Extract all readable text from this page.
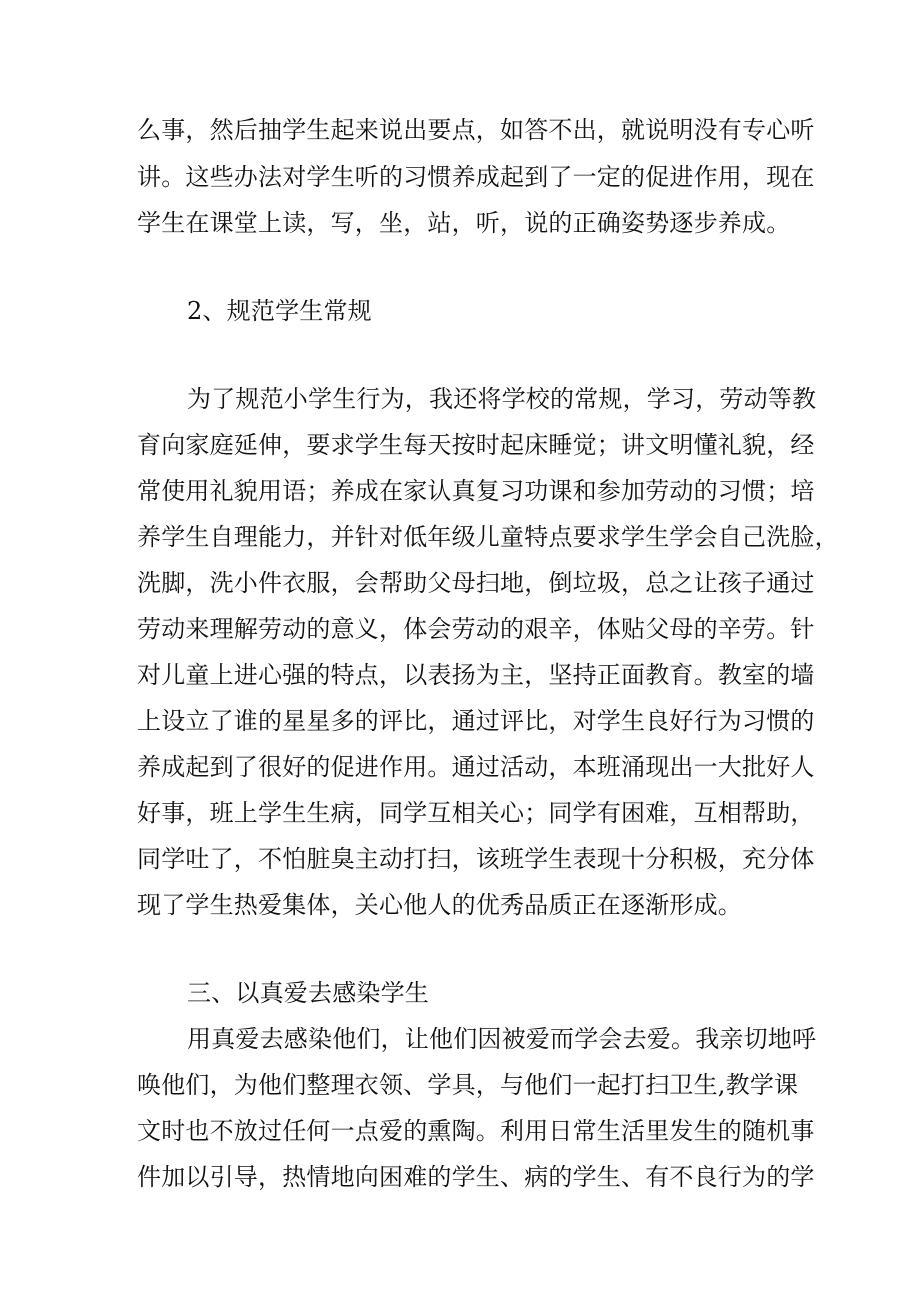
么事，然后抽学生起来说出要点，如答不出，就说明没有专心听
讲。这些办法对学生听的习惯养成起到了一定的促进作用，现在
学生在课堂上读，写，坐，站，听，说的正确姿势逐步养成。
2、规范学生常规
为了规范小学生行为，我还将学校的常规，学习，劳动等教
育向家庭延伸，要求学生每天按时起床睡觉；讲文明懂礼貌，经
常使用礼貌用语；养成在家认真复习功课和参加劳动的习惯；培
养学生自理能力，并针对低年级儿童特点要求学生学会自己洗脸，
洗脚，洗小件衣服，会帮助父母扫地，倒垃圾，总之让孩子通过
劳动来理解劳动的意义，体会劳动的艰辛，体贴父母的辛劳。针
对儿童上进心强的特点，以表扬为主，坚持正面教育。教室的墙
上设立了谁的星星多的评比，通过评比，对学生良好行为习惯的
养成起到了很好的促进作用。通过活动，本班涌现出一大批好人
好事，班上学生生病，同学互相关心；同学有困难，互相帮助，
同学吐了，不怕脏臭主动打扫，该班学生表现十分积极，充分体
现了学生热爱集体，关心他人的优秀品质正在逐渐形成。
三、以真爱去感染学生
用真爱去感染他们，让他们因被爱而学会去爱。我亲切地呼
唤他们，为他们整理衣领、学具，与他们一起打扫卫生,教学课
文时也不放过任何一点爱的熏陶。利用日常生活里发生的随机事
件加以引导，热情地向困难的学生、病的学生、有不良行为的学
